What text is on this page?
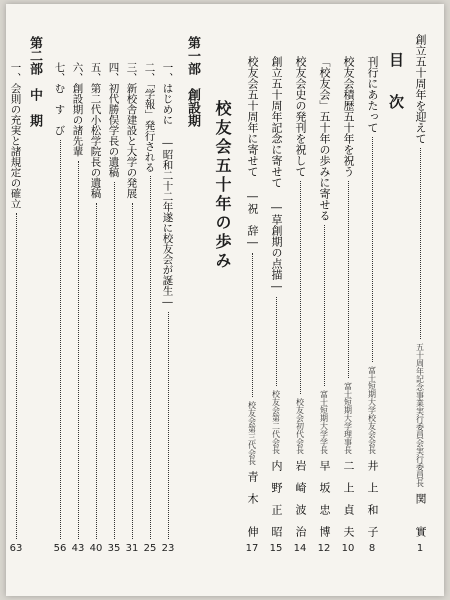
目　次 創立五十周年を迎えて
五十周年記念事業実行委員会実行委員長
関　　實
1
刊行にあたって
富士短期大学校友会会長
井　上　和　子
8
校友会積歴五十年を祝う
富士短期大学理事長
二　上　貞　夫
10
「校友会」五十年の歩みに寄せる
富士短期大学学長
早　坂　忠　博
12
校友会史の発刊を祝して
校友会初代会長
岩　崎　波　治
14
創立五十周年記念に寄せて ―草創期の点描―
校友会第二代会長
内　野　正　昭
15
校友会五十周年に寄せて ―祝　辞―
校友会第三代会長
青　木　　伸
17
校友会五十年の歩み
第一部　創設期
一、はじめに ―昭和二十二年遂に校友会が誕生―
23
二、「学報」発行される
25
三、新校舎建設と大学の発展
31
四、初代勝俣学長の遺稿
35
五、第二代小松学院長の遺稿
40
六、創設期の諸先輩
43
七、む　す　び
56
第二部　中　期
一、会則の充実と諸規定の確立
63
